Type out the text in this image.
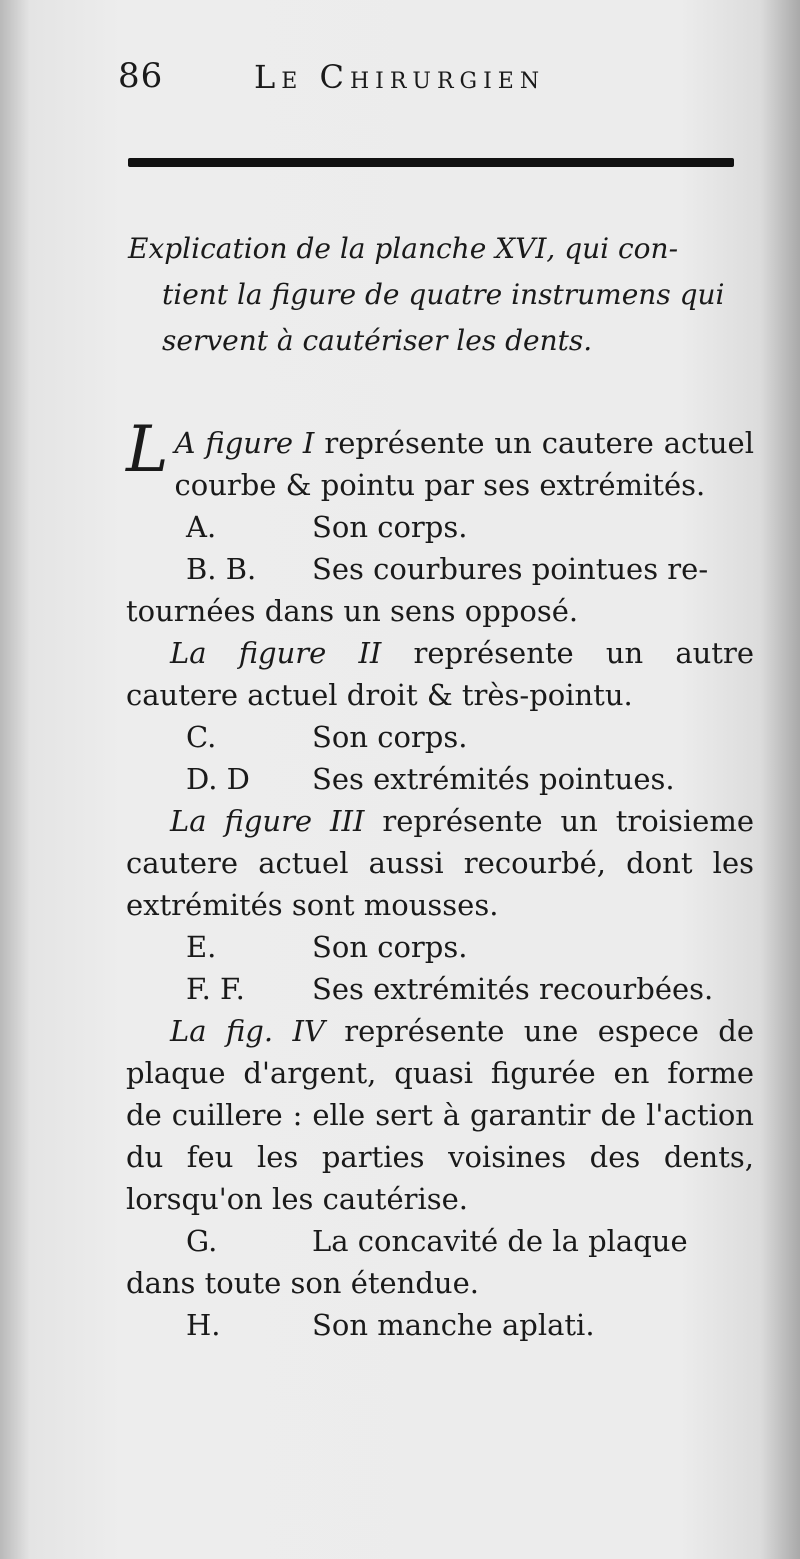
86	Le Chirurgien
Explication de la planche XVI, qui con-
tient la figure de quatre instrumens qui
servent à cautériser les dents.

L A figure I représente un cautere actuel courbe & pointu par ses extrémités.

A.	Son corps.

B. B.	Ses courbures pointues re-

tournées dans un sens opposé.

La figure II représente un autre cautere actuel droit & très-pointu.

C.	Son corps.

D. D	Ses extrémités pointues.

La figure III représente un troisieme cautere actuel aussi recourbé, dont les extrémités sont mousses.

E.	Son corps.

F. F.	Ses extrémités recourbées.

La fig. IV représente une espece de plaque d'argent, quasi figurée en forme de cuillere : elle sert à garantir de l'action du feu les parties voisines des dents, lorsqu'on les cautérise.

G.	La concavité de la plaque

dans toute son étendue.

H.	Son manche aplati.
